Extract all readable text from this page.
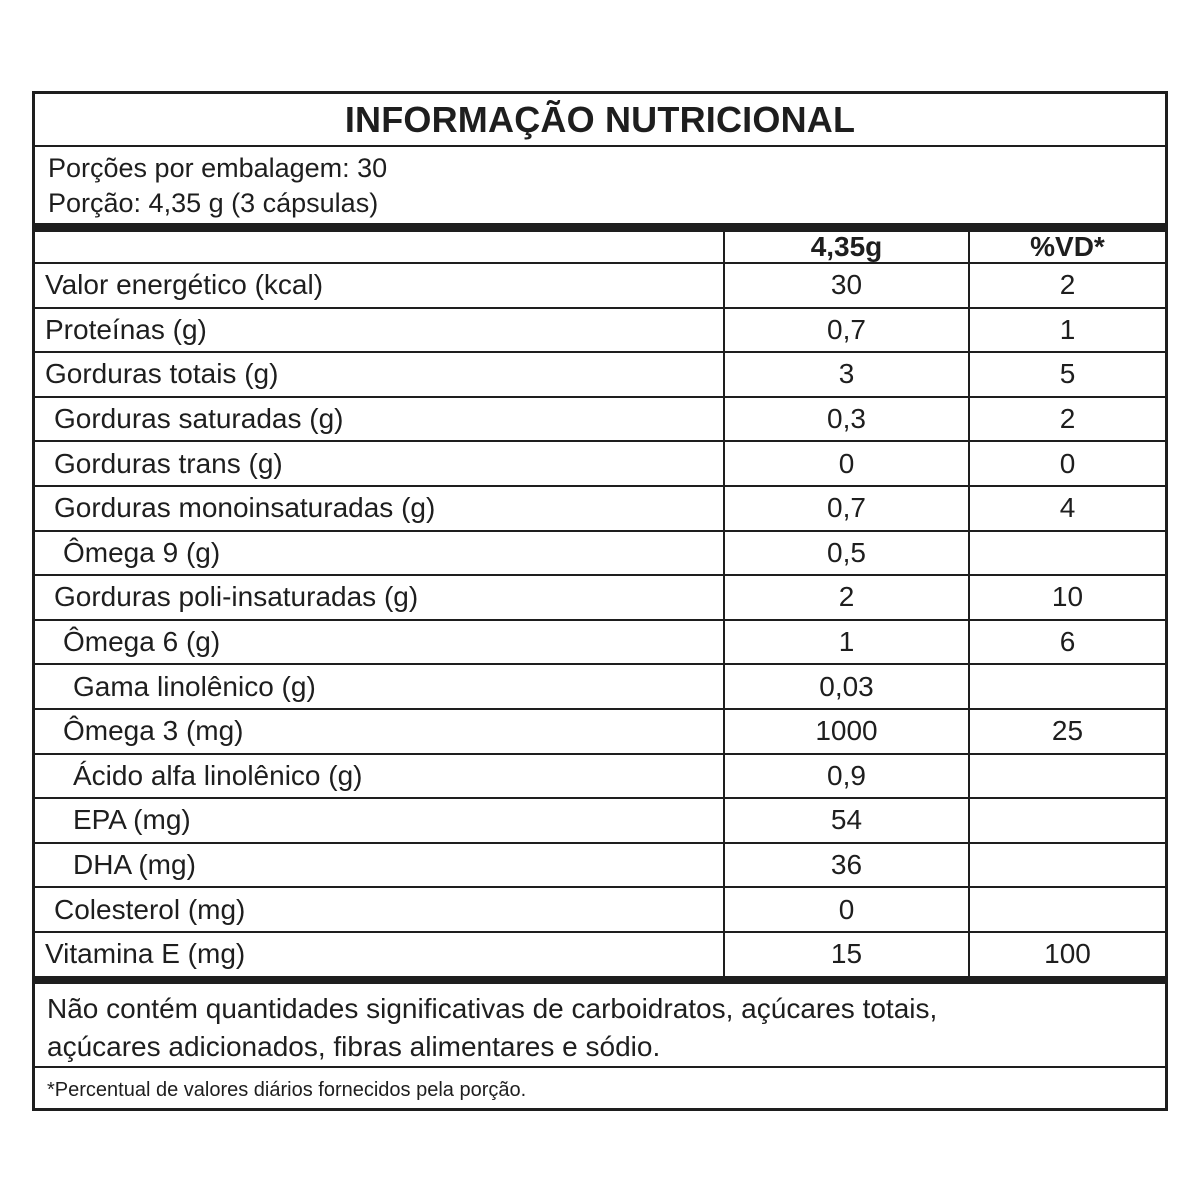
INFORMAÇÃO NUTRICIONAL
Porções por embalagem: 30
Porção: 4,35 g (3 cápsulas)
	4,35g	%VD*
Valor energético (kcal)	30	2
Proteínas (g)	0,7	1
Gorduras totais (g)	3	5
Gorduras saturadas (g)	0,3	2
Gorduras trans (g)	0	0
Gorduras monoinsaturadas (g)	0,7	4
Ômega 9 (g)	0,5	
Gorduras poli-insaturadas (g)	2	10
Ômega 6 (g)	1	6
Gama linolênico (g)	0,03	
Ômega 3 (mg)	1000	25
Ácido alfa linolênico (g)	0,9	
EPA (mg)	54	
DHA (mg)	36	
Colesterol (mg)	0	
Vitamina E (mg)	15	100
Não contém quantidades significativas de carboidratos, açúcares totais,
açúcares adicionados, fibras alimentares e sódio.
*Percentual de valores diários fornecidos pela porção.
